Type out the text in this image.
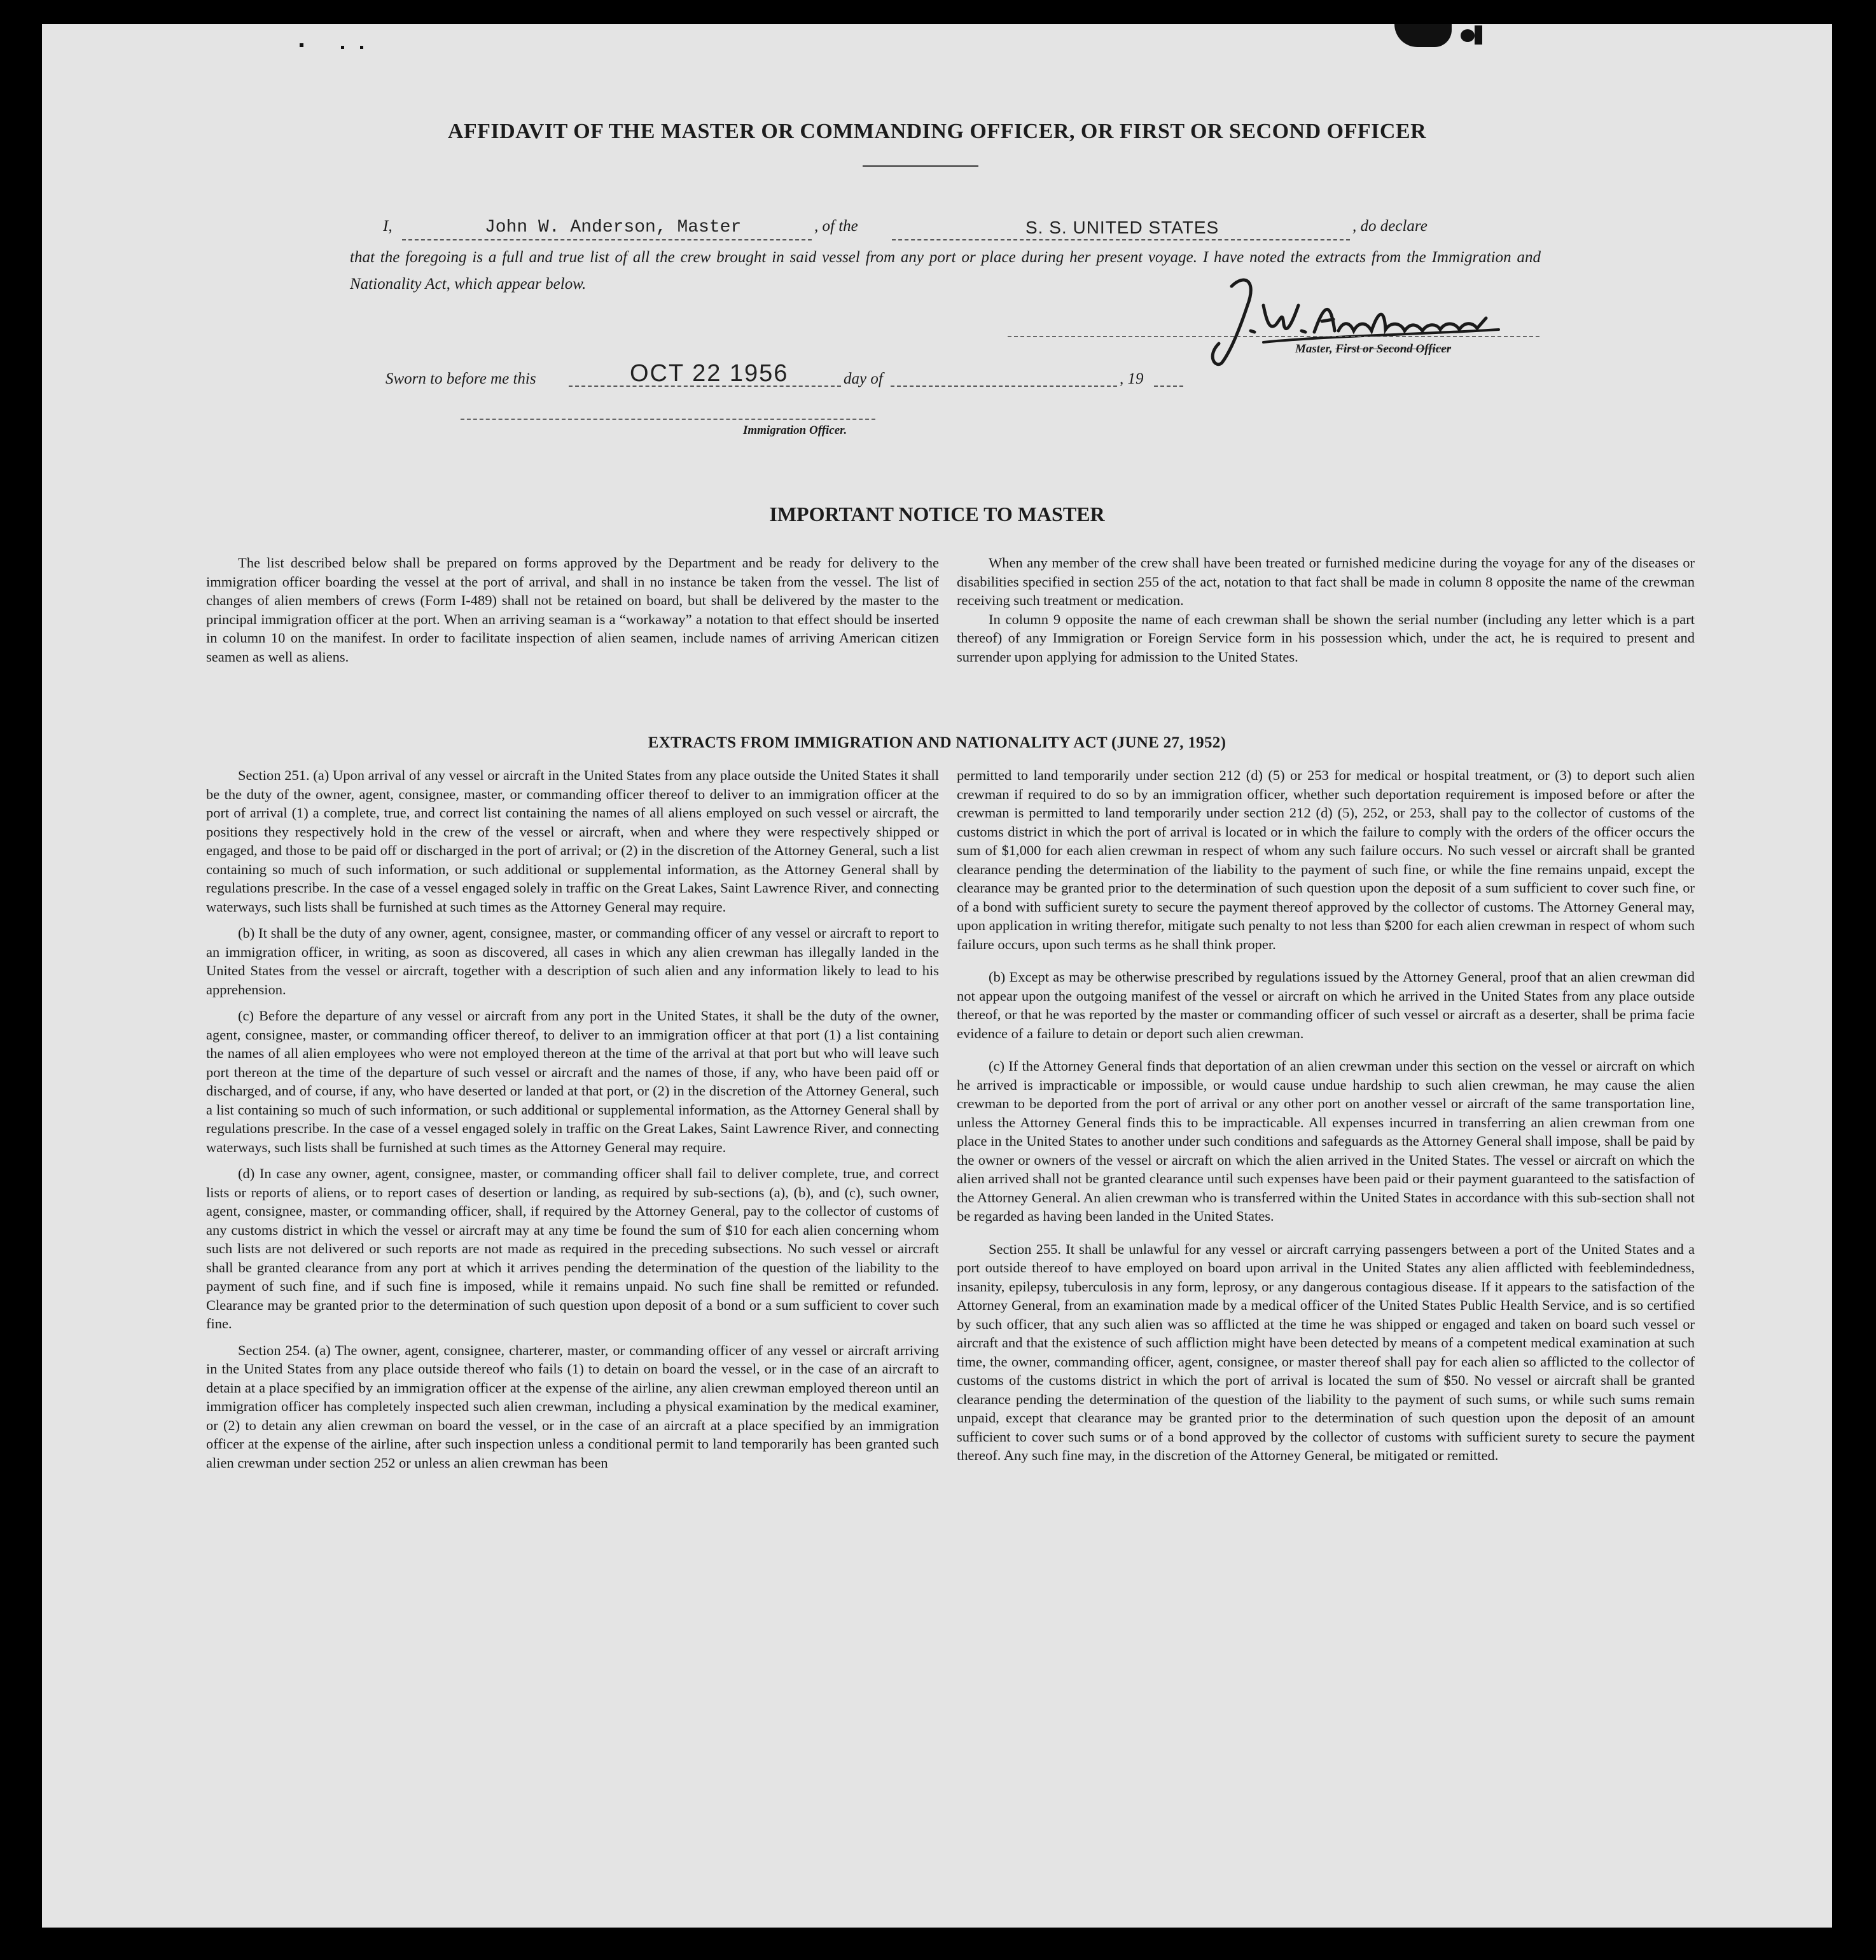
AFFIDAVIT OF THE MASTER OR COMMANDING OFFICER, OR FIRST OR SECOND OFFICER
I,	John W. Anderson, Master	, of the	S. S. UNITED STATES	, do declare
that the foregoing is a full and true list of all the crew brought in said vessel from any port or place during her present voyage. I have noted the extracts from the Immigration and Nationality Act, which appear below.
Master, First or Second Officer
Sworn to before me this	OCT 22 1956	day of	, 19
Immigration Officer.
IMPORTANT NOTICE TO MASTER

The list described below shall be prepared on forms approved by the Department and be ready for delivery to the immigration officer boarding the vessel at the port of arrival, and shall in no instance be taken from the vessel. The list of changes of alien members of crews (Form I-489) shall not be retained on board, but shall be delivered by the master to the principal immigration officer at the port. When an arriving seaman is a “workaway” a notation to that effect should be inserted in column 10 on the manifest. In order to facilitate inspection of alien seamen, include names of arriving American citizen seamen as well as aliens.

When any member of the crew shall have been treated or furnished medicine during the voyage for any of the diseases or disabilities specified in section 255 of the act, notation to that fact shall be made in column 8 opposite the name of the crewman receiving such treatment or medication.

In column 9 opposite the name of each crewman shall be shown the serial number (including any letter which is a part thereof) of any Immigration or Foreign Service form in his possession which, under the act, he is required to present and surrender upon applying for admission to the United States.

EXTRACTS FROM IMMIGRATION AND NATIONALITY ACT (JUNE 27, 1952)

Section 251. (a) Upon arrival of any vessel or aircraft in the United States from any place outside the United States it shall be the duty of the owner, agent, consignee, master, or commanding officer thereof to deliver to an immigration officer at the port of arrival (1) a complete, true, and correct list containing the names of all aliens employed on such vessel or aircraft, the positions they respectively hold in the crew of the vessel or aircraft, when and where they were respectively shipped or engaged, and those to be paid off or discharged in the port of arrival; or (2) in the discretion of the Attorney General, such a list containing so much of such information, or such additional or supplemental information, as the Attorney General shall by regulations prescribe. In the case of a vessel engaged solely in traffic on the Great Lakes, Saint Lawrence River, and connecting waterways, such lists shall be furnished at such times as the Attorney General may require.

(b) It shall be the duty of any owner, agent, consignee, master, or commanding officer of any vessel or aircraft to report to an immigration officer, in writing, as soon as discovered, all cases in which any alien crewman has illegally landed in the United States from the vessel or aircraft, together with a description of such alien and any information likely to lead to his apprehension.

(c) Before the departure of any vessel or aircraft from any port in the United States, it shall be the duty of the owner, agent, consignee, master, or commanding officer thereof, to deliver to an immigration officer at that port (1) a list containing the names of all alien employees who were not employed thereon at the time of the arrival at that port but who will leave such port thereon at the time of the departure of such vessel or aircraft and the names of those, if any, who have been paid off or discharged, and of course, if any, who have deserted or landed at that port, or (2) in the discretion of the Attorney General, such a list containing so much of such information, or such additional or supplemental information, as the Attorney General shall by regulations prescribe. In the case of a vessel engaged solely in traffic on the Great Lakes, Saint Lawrence River, and connecting waterways, such lists shall be furnished at such times as the Attorney General may require.

(d) In case any owner, agent, consignee, master, or commanding officer shall fail to deliver complete, true, and correct lists or reports of aliens, or to report cases of desertion or landing, as required by sub-sections (a), (b), and (c), such owner, agent, consignee, master, or commanding officer, shall, if required by the Attorney General, pay to the collector of customs of any customs district in which the vessel or aircraft may at any time be found the sum of $10 for each alien concerning whom such lists are not delivered or such reports are not made as required in the preceding subsections. No such vessel or aircraft shall be granted clearance from any port at which it arrives pending the determination of the question of the liability to the payment of such fine, and if such fine is imposed, while it remains unpaid. No such fine shall be remitted or refunded. Clearance may be granted prior to the determination of such question upon deposit of a bond or a sum sufficient to cover such fine.

Section 254. (a) The owner, agent, consignee, charterer, master, or commanding officer of any vessel or aircraft arriving in the United States from any place outside thereof who fails (1) to detain on board the vessel, or in the case of an aircraft to detain at a place specified by an immigration officer at the expense of the airline, any alien crewman employed thereon until an immigration officer has completely inspected such alien crewman, including a physical examination by the medical examiner, or (2) to detain any alien crewman on board the vessel, or in the case of an aircraft at a place specified by an immigration officer at the expense of the airline, after such inspection unless a conditional permit to land temporarily has been granted such alien crewman under section 252 or unless an alien crewman has been

permitted to land temporarily under section 212 (d) (5) or 253 for medical or hospital treatment, or (3) to deport such alien crewman if required to do so by an immigration officer, whether such deportation requirement is imposed before or after the crewman is permitted to land temporarily under section 212 (d) (5), 252, or 253, shall pay to the collector of customs of the customs district in which the port of arrival is located or in which the failure to comply with the orders of the officer occurs the sum of $1,000 for each alien crewman in respect of whom any such failure occurs. No such vessel or aircraft shall be granted clearance pending the determination of the liability to the payment of such fine, or while the fine remains unpaid, except the clearance may be granted prior to the determination of such question upon the deposit of a sum sufficient to cover such fine, or of a bond with sufficient surety to secure the payment thereof approved by the collector of customs. The Attorney General may, upon application in writing therefor, mitigate such penalty to not less than $200 for each alien crewman in respect of whom such failure occurs, upon such terms as he shall think proper.

(b) Except as may be otherwise prescribed by regulations issued by the Attorney General, proof that an alien crewman did not appear upon the outgoing manifest of the vessel or aircraft on which he arrived in the United States from any place outside thereof, or that he was reported by the master or commanding officer of such vessel or aircraft as a deserter, shall be prima facie evidence of a failure to detain or deport such alien crewman.

(c) If the Attorney General finds that deportation of an alien crewman under this section on the vessel or aircraft on which he arrived is impracticable or impossible, or would cause undue hardship to such alien crewman, he may cause the alien crewman to be deported from the port of arrival or any other port on another vessel or aircraft of the same transportation line, unless the Attorney General finds this to be impracticable. All expenses incurred in transferring an alien crewman from one place in the United States to another under such conditions and safeguards as the Attorney General shall impose, shall be paid by the owner or owners of the vessel or aircraft on which the alien arrived in the United States. The vessel or aircraft on which the alien arrived shall not be granted clearance until such expenses have been paid or their payment guaranteed to the satisfaction of the Attorney General. An alien crewman who is transferred within the United States in accordance with this sub-section shall not be regarded as having been landed in the United States.

Section 255. It shall be unlawful for any vessel or aircraft carrying passengers between a port of the United States and a port outside thereof to have employed on board upon arrival in the United States any alien afflicted with feeblemindedness, insanity, epilepsy, tuberculosis in any form, leprosy, or any dangerous contagious disease. If it appears to the satisfaction of the Attorney General, from an examination made by a medical officer of the United States Public Health Service, and is so certified by such officer, that any such alien was so afflicted at the time he was shipped or engaged and taken on board such vessel or aircraft and that the existence of such affliction might have been detected by means of a competent medical examination at such time, the owner, commanding officer, agent, consignee, or master thereof shall pay for each alien so afflicted to the collector of customs of the customs district in which the port of arrival is located the sum of $50. No vessel or aircraft shall be granted clearance pending the determination of the question of the liability to the payment of such sums, or while such sums remain unpaid, except that clearance may be granted prior to the determination of such question upon the deposit of an amount sufficient to cover such sums or of a bond approved by the collector of customs with sufficient surety to secure the payment thereof. Any such fine may, in the discretion of the Attorney General, be mitigated or remitted.
